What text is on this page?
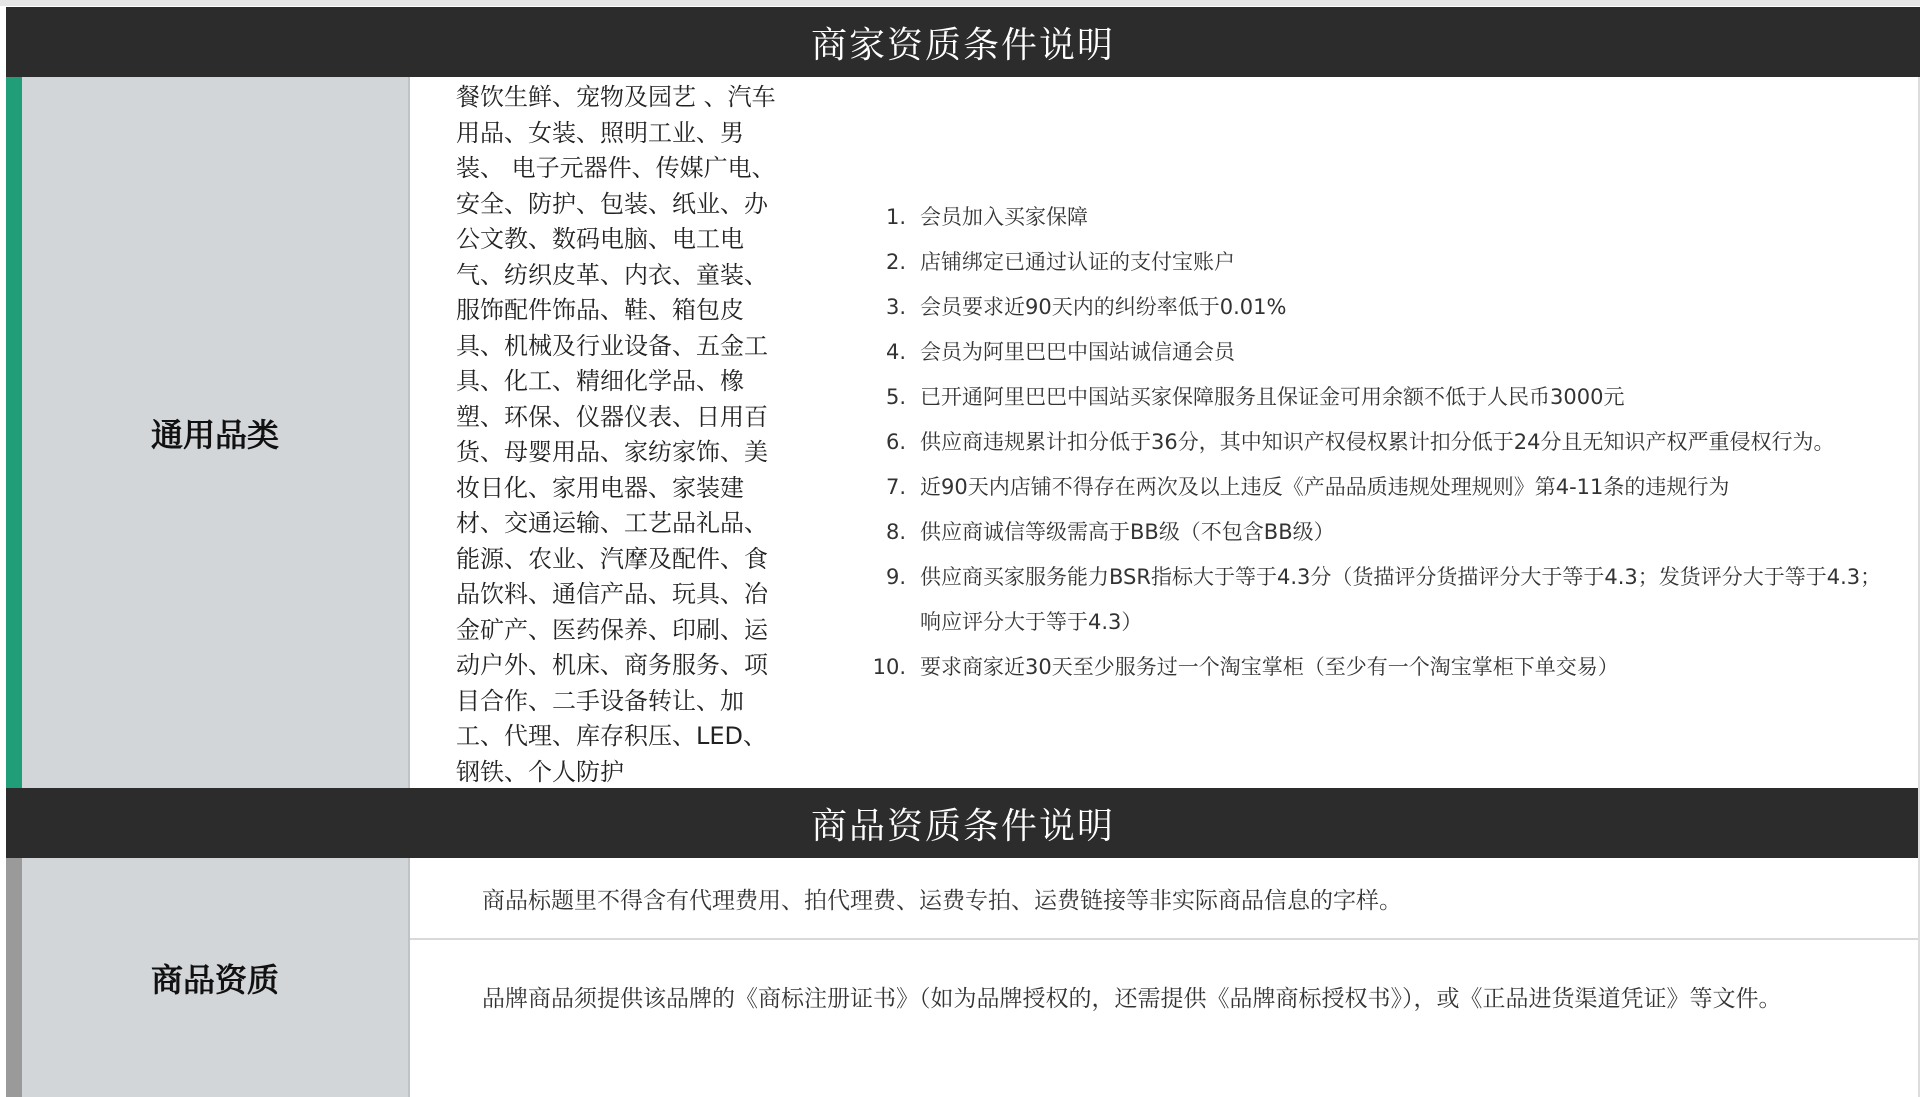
商家资质条件说明
通用品类
餐饮生鲜、宠物及园艺 、汽车用品、女装、照明工业、男装、 电子元器件、传媒广电、安全、防护、包装、纸业、办公文教、数码电脑、电工电气、纺织皮革、内衣、童装、服饰配件饰品、鞋、箱包皮具、机械及行业设备、五金工具、化工、精细化学品、橡塑、环保、仪器仪表、日用百货、母婴用品、家纺家饰、美妆日化、家用电器、家装建材、交通运输、工艺品礼品、能源、农业、汽摩及配件、食品饮料、通信产品、玩具、冶金矿产、医药保养、印刷、运动户外、机床、商务服务、项目合作、二手设备转让、加工、代理、库存积压、LED、钢铁、个人防护
1. 会员加入买家保障
2. 店铺绑定已通过认证的支付宝账户
3. 会员要求近90天内的纠纷率低于0.01%
4. 会员为阿里巴巴中国站诚信通会员
5. 已开通阿里巴巴中国站买家保障服务且保证金可用余额不低于人民币3000元
6. 供应商违规累计扣分低于36分，其中知识产权侵权累计扣分低于24分且无知识产权严重侵权行为。
7. 近90天内店铺不得存在两次及以上违反《产品品质违规处理规则》第4-11条的违规行为
8. 供应商诚信等级需高于BB级（不包含BB级）
9. 供应商买家服务能力BSR指标大于等于4.3分（货描评分货描评分大于等于4.3；发货评分大于等于4.3；响应评分大于等于4.3）
10. 要求商家近30天至少服务过一个淘宝掌柜（至少有一个淘宝掌柜下单交易）
商品资质条件说明
商品资质
商品标题里不得含有代理费用、拍代理费、运费专拍、运费链接等非实际商品信息的字样。
品牌商品须提供该品牌的《商标注册证书》（如为品牌授权的，还需提供《品牌商标授权书》），或《正品进货渠道凭证》等文件。
